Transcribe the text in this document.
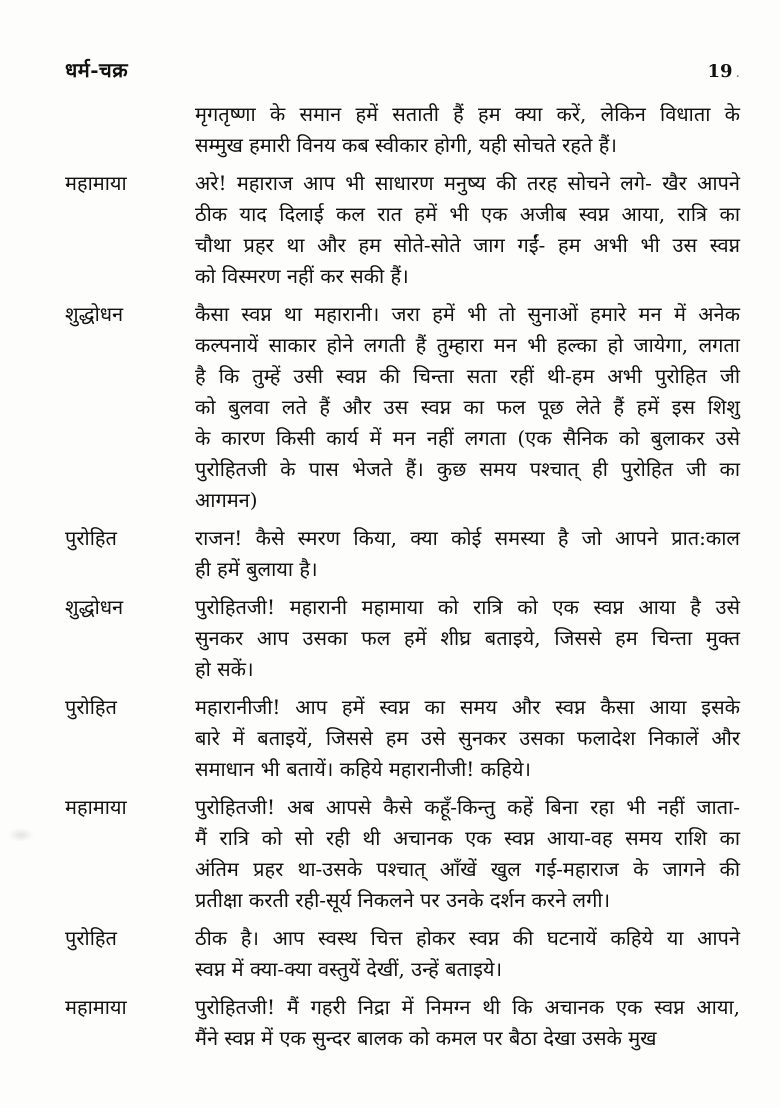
धर्म-चक्र	19 .
मृगतृष्णा के समान हमें सताती हैं हम क्या करें, लेकिन विधाता के
सम्मुख हमारी विनय कब स्वीकार होगी, यही सोचते रहते हैं।
महामाया	अरे! महाराज आप भी साधारण मनुष्य की तरह सोचने लगे- खैर आपने
ठीक याद दिलाई कल रात हमें भी एक अजीब स्वप्न आया, रात्रि का
चौथा प्रहर था और हम सोते-सोते जाग गईं- हम अभी भी उस स्वप्न
को विस्मरण नहीं कर सकी हैं।
शुद्धोधन	कैसा स्वप्न था महारानी। जरा हमें भी तो सुनाओं हमारे मन में अनेक
कल्पनायें साकार होने लगती हैं तुम्हारा मन भी हल्का हो जायेगा, लगता
है कि तुम्हें उसी स्वप्न की चिन्ता सता रहीं थी-हम अभी पुरोहित जी
को बुलवा लते हैं और उस स्वप्न का फल पूछ लेते हैं हमें इस शिशु
के कारण किसी कार्य में मन नहीं लगता (एक सैनिक को बुलाकर उसे
पुरोहितजी के पास भेजते हैं। कुछ समय पश्चात् ही पुरोहित जी का
आगमन)
पुरोहित	राजन! कैसे स्मरण किया, क्या कोई समस्या है जो आपने प्रात:काल
ही हमें बुलाया है।
शुद्धोधन	पुरोहितजी! महारानी महामाया को रात्रि को एक स्वप्न आया है उसे
सुनकर आप उसका फल हमें शीघ्र बताइये, जिससे हम चिन्ता मुक्त
हो सकें।
पुरोहित	महारानीजी! आप हमें स्वप्न का समय और स्वप्न कैसा आया इसके
बारे में बताइयें, जिससे हम उसे सुनकर उसका फलादेश निकालें और
समाधान भी बतायें। कहिये महारानीजी! कहिये।
महामाया	पुरोहितजी! अब आपसे कैसे कहूँ-किन्तु कहें बिना रहा भी नहीं जाता-
मैं रात्रि को सो रही थी अचानक एक स्वप्न आया-वह समय राशि का
अंतिम प्रहर था-उसके पश्चात् आँखें खुल गई-महाराज के जागने की
प्रतीक्षा करती रही-सूर्य निकलने पर उनके दर्शन करने लगी।
पुरोहित	ठीक है। आप स्वस्थ चित्त होकर स्वप्न की घटनायें कहिये या आपने
स्वप्न में क्या-क्या वस्तुयें देखीं, उन्हें बताइये।
महामाया	पुरोहितजी! मैं गहरी निद्रा में निमग्न थी कि अचानक एक स्वप्न आया,
मैंने स्वप्न में एक सुन्दर बालक को कमल पर बैठा देखा उसके मुख
